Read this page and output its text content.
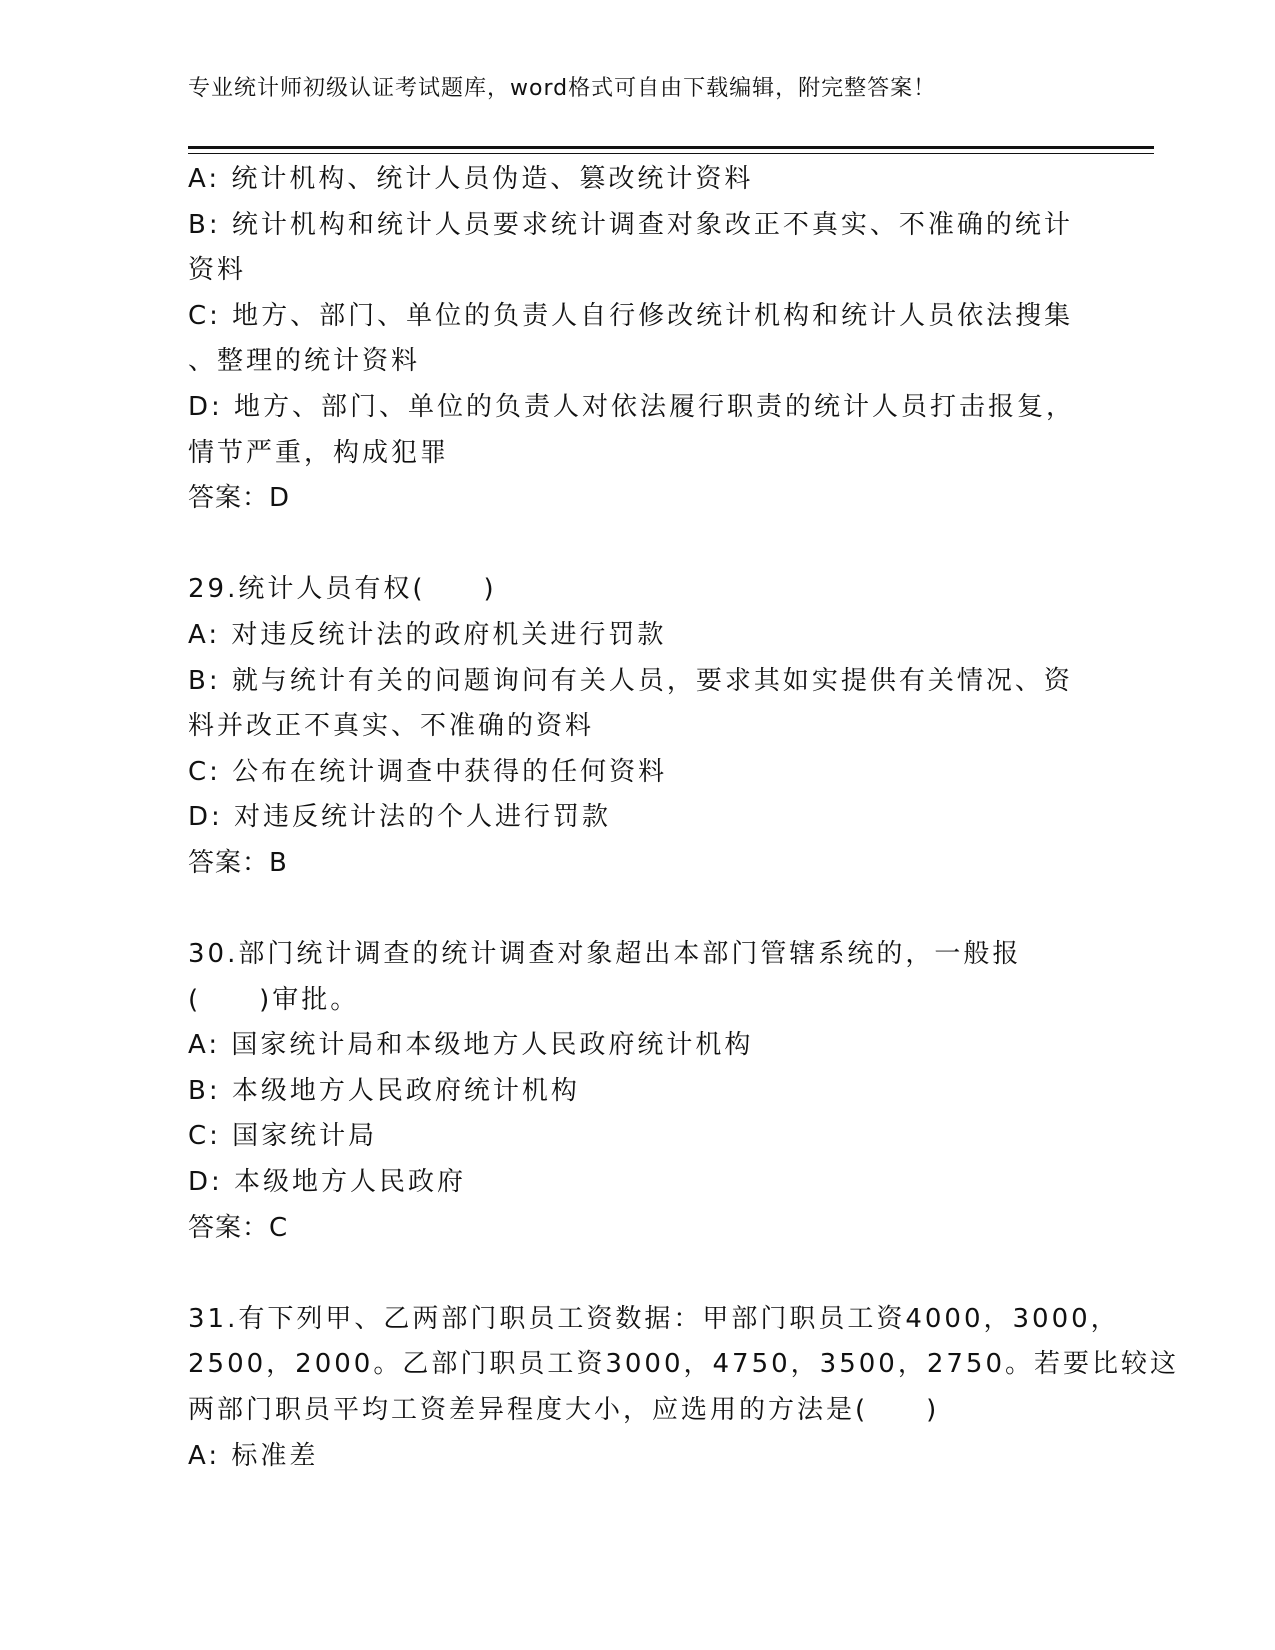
专业统计师初级认证考试题库，word格式可自由下载编辑，附完整答案！
A: 统计机构、统计人员伪造、篡改统计资料
B: 统计机构和统计人员要求统计调查对象改正不真实、不准确的统计
资料
C: 地方、部门、单位的负责人自行修改统计机构和统计人员依法搜集
、整理的统计资料
D: 地方、部门、单位的负责人对依法履行职责的统计人员打击报复，
情节严重，构成犯罪
答案：D
29.统计人员有权(　　)
A: 对违反统计法的政府机关进行罚款
B: 就与统计有关的问题询问有关人员，要求其如实提供有关情况、资
料并改正不真实、不准确的资料
C: 公布在统计调查中获得的任何资料
D: 对违反统计法的个人进行罚款
答案：B
30.部门统计调查的统计调查对象超出本部门管辖系统的，一般报
(　　)审批。
A: 国家统计局和本级地方人民政府统计机构
B: 本级地方人民政府统计机构
C: 国家统计局
D: 本级地方人民政府
答案：C
31.有下列甲、乙两部门职员工资数据：甲部门职员工资4000，3000，
2500，2000。乙部门职员工资3000，4750，3500，2750。若要比较这
两部门职员平均工资差异程度大小，应选用的方法是(　　)
A: 标准差
